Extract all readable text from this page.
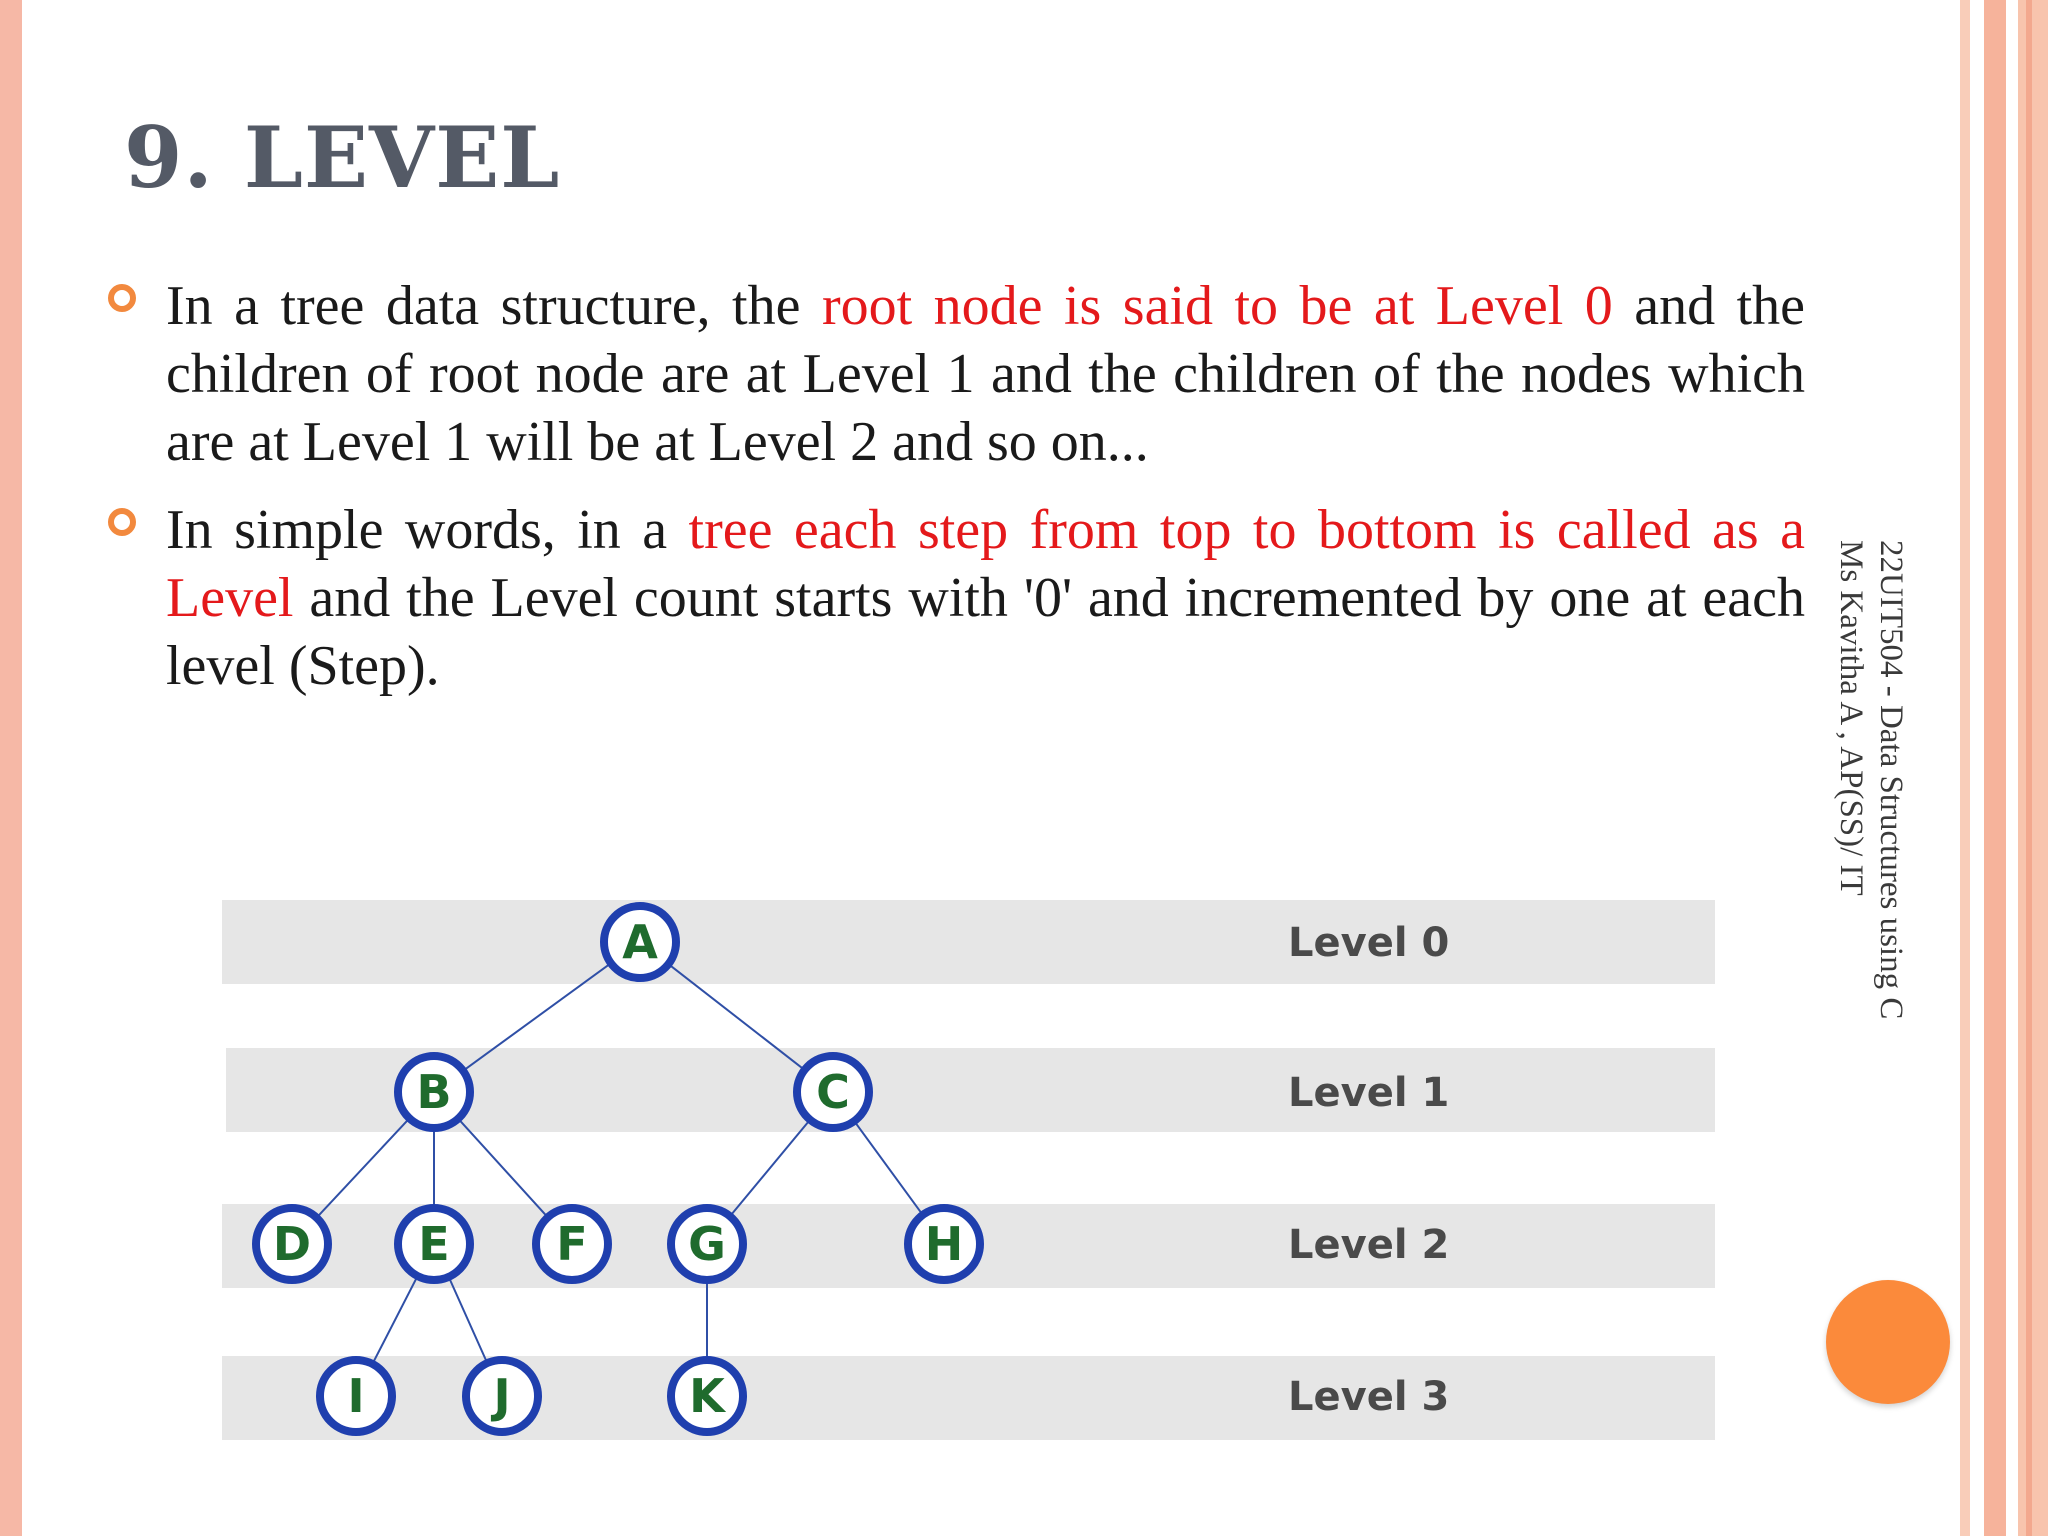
9. LEVEL
In a tree data structure, the root node is said to be at Level 0 and the children of root node are at Level 1 and the children of the nodes which are at Level 1 will be at Level 2 and so on...
In simple words, in a tree each step from top to bottom is called as a Level and the Level count starts with '0' and incremented by one at each level (Step).
Level 0
Level 1
Level 2
Level 3
A
B	C
D E F G	H
I	J	K
22UIT504 - Data Structures using C
Ms Kavitha A , AP(SS)/ IT
